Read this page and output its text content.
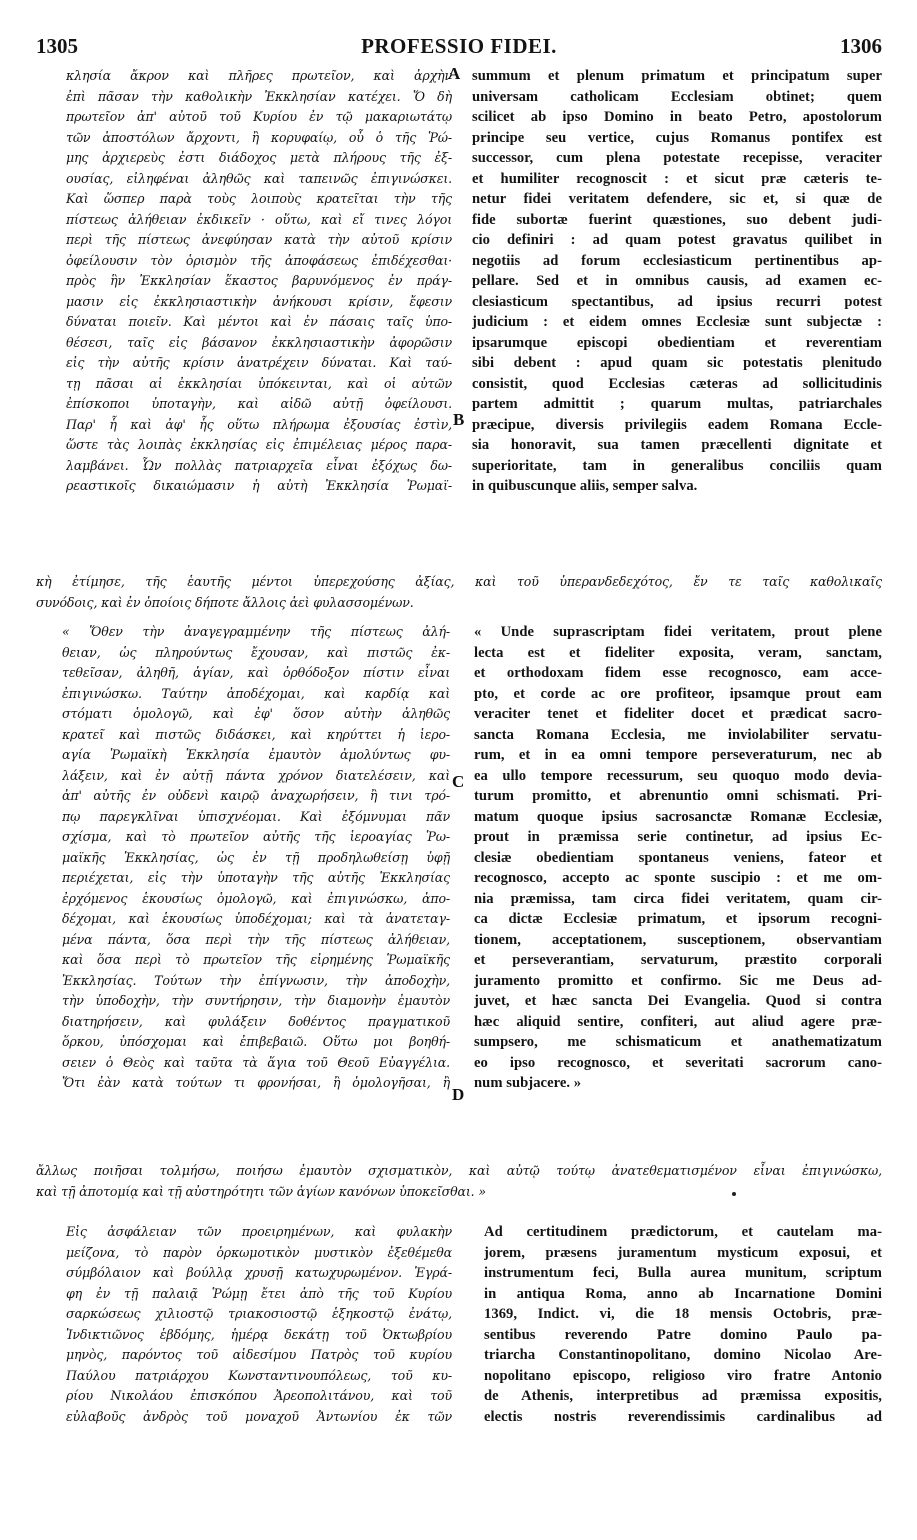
1305	PROFESSIO FIDEI.	1306
κλησία ἄκρον καὶ πλῆρες πρωτεῖον, καὶ ἀρχὴν
ἐπὶ πᾶσαν τὴν καθολικὴν Ἐκκλησίαν κατέχει. Ὅ δὴ
πρωτεῖον ἀπ' αὐτοῦ τοῦ Κυρίου ἐν τῷ μακαριωτάτῳ
τῶν ἀποστόλων ἄρχοντι, ἢ κορυφαίῳ, οὗ ὁ τῆς Ῥώ-
μης ἀρχιερεὺς ἐστι διάδοχος μετὰ πλήρους τῆς ἐξ-
ουσίας, εἰληφέναι ἀληθῶς καὶ ταπεινῶς ἐπιγινώσκει.
Καὶ ὥσπερ παρὰ τοὺς λοιποὺς κρατεῖται τὴν τῆς
πίστεως ἀλήθειαν ἐκδικεῖν · οὕτω, καὶ εἴ τινες λόγοι
περὶ τῆς πίστεως ἀνεφύησαν κατὰ τὴν αὐτοῦ κρίσιν
ὀφείλουσιν τὸν ὁρισμὸν τῆς ἀποφάσεως ἐπιδέχεσθαι·
πρὸς ἣν Ἐκκλησίαν ἕκαστος βαρυνόμενος ἐν πράγ-
μασιν εἰς ἐκκλησιαστικὴν ἀνήκουσι κρίσιν, ἔφεσιν
δύναται ποιεῖν. Καὶ μέντοι καὶ ἐν πάσαις ταῖς ὑπο-
θέσεσι, ταῖς εἰς βάσανον ἐκκλησιαστικὴν ἀφορῶσιν
εἰς τὴν αὐτῆς κρίσιν ἀνατρέχειν δύναται. Καὶ ταύ-
τῃ πᾶσαι αἱ ἐκκλησίαι ὑπόκεινται, καὶ οἱ αὐτῶν
ἐπίσκοποι ὑποταγὴν, καὶ αἰδῶ αὐτῇ ὀφείλουσι.
Παρ' ἧ καὶ ἀφ' ἧς οὕτω πλήρωμα ἐξουσίας ἐστὶν,
ὥστε τὰς λοιπὰς ἐκκλησίας εἰς ἐπιμέλειας μέρος παρα-
λαμβάνει. Ὧν πολλὰς πατριαρχεῖα εἶναι ἐξόχως δω-
ρεαστικοῖς δικαιώμασιν ἡ αὐτὴ Ἐκκλησία Ῥωμαϊ-
summum et plenum primatum et principatum super
universam catholicam Ecclesiam obtinet; quem
scilicet ab ipso Domino in beato Petro, apostolorum
principe seu vertice, cujus Romanus pontifex est
successor, cum plena potestate recepisse, veraciter
et humiliter recognoscit : et sicut præ cæteris te-
netur fidei veritatem defendere, sic et, si quæ de
fide subortæ fuerint quæstiones, suo debent judi-
cio definiri : ad quam potest gravatus quilibet in
negotiis ad forum ecclesiasticum pertinentibus ap-
pellare. Sed et in omnibus causis, ad examen ec-
clesiasticum spectantibus, ad ipsius recurri potest
judicium : et eidem omnes Ecclesiæ sunt subjectæ :
ipsarumque episcopi obedientiam et reverentiam
sibi debent : apud quam sic potestatis plenitudo
consistit, quod Ecclesias cæteras ad sollicitudinis
partem admittit ; quarum multas, patriarchales
præcipue, diversis privilegiis eadem Romana Eccle-
sia honoravit, sua tamen præcellenti dignitate et
superioritate, tam in generalibus conciliis quam
in quibuscunque aliis, semper salva.
κὴ ἐτίμησε, τῆς ἑαυτῆς μέντοι ὑπερεχούσης ἀξίας, καὶ τοῦ ὑπερανδεδεχότος, ἔν τε ταῖς καθολικαῖς
συνόδοις, καὶ ἐν ὁποίοις δήποτε ἄλλοις ἀεὶ φυλασσομένων.
A
B
« Ὅθεν τὴν ἀναγεγραμμένην τῆς πίστεως ἀλή-
θειαν, ὡς πληρούντως ἔχουσαν, καὶ πιστῶς ἐκ-
τεθεῖσαν, ἀληθῆ, ἁγίαν, καὶ ὀρθόδοξον πίστιν εἶναι
ἐπιγινώσκω. Ταύτην ἀποδέχομαι, καὶ καρδίᾳ καὶ
στόματι ὁμολογῶ, καὶ ἐφ' ὅσον αὐτὴν ἀληθῶς
κρατεῖ καὶ πιστῶς διδάσκει, καὶ κηρύττει ἡ ἱερο-
αγία Ῥωμαϊκὴ Ἐκκλησία ἐμαυτὸν ἀμολύντως φυ-
λάξειν, καὶ ἐν αὐτῇ πάντα χρόνον διατελέσειν, καὶ
ἀπ' αὐτῆς ἐν οὐδενὶ καιρῷ ἀναχωρήσειν, ἢ τινι τρό-
πῳ παρεγκλῖναι ὑπισχνέομαι. Καὶ ἐξόμνυμαι πᾶν
σχίσμα, καὶ τὸ πρωτεῖον αὐτῆς τῆς ἱεροαγίας Ῥω-
μαϊκῆς Ἐκκλησίας, ὡς ἐν τῇ προδηλωθείσῃ ὑφῇ
περιέχεται, εἰς τὴν ὑποταγὴν τῆς αὐτῆς Ἐκκλησίας
ἐρχόμενος ἑκουσίως ὁμολογῶ, καὶ ἐπιγινώσκω, ἀπο-
δέχομαι, καὶ ἑκουσίως ὑποδέχομαι; καὶ τὰ ἀνατεταγ-
μένα πάντα, ὅσα περὶ τὴν τῆς πίστεως ἀλήθειαν,
καὶ ὅσα περὶ τὸ πρωτεῖον τῆς εἰρημένης Ῥωμαϊκῆς
Ἐκκλησίας. Τούτων τὴν ἐπίγνωσιν, τὴν ἀποδοχὴν,
τὴν ὑποδοχὴν, τὴν συντήρησιν, τὴν διαμονὴν ἐμαυτὸν
διατηρήσειν, καὶ φυλάξειν δοθέντος πραγματικοῦ
ὅρκου, ὑπόσχομαι καὶ ἐπιβεβαιῶ. Οὕτω μοι βοηθή-
σειεν ὁ Θεὸς καὶ ταῦτα τὰ ἅγια τοῦ Θεοῦ Εὐαγγέλια.
Ὅτι ἐὰν κατὰ τούτων τι φρονήσαι, ἢ ὁμολογῆσαι, ἢ
« Unde suprascriptam fidei veritatem, prout plene
lecta est et fideliter exposita, veram, sanctam,
et orthodoxam fidem esse recognosco, eam acce-
pto, et corde ac ore profiteor, ipsamque prout eam
veraciter tenet et fideliter docet et prædicat sacro-
sancta Romana Ecclesia, me inviolabiliter servatu-
rum, et in ea omni tempore perseveraturum, nec ab
ea ullo tempore recessurum, seu quoquo modo devia-
turum promitto, et abrenuntio omni schismati. Pri-
matum quoque ipsius sacrosanctæ Romanæ Ecclesiæ,
prout in præmissa serie continetur, ad ipsius Ec-
clesiæ obedientiam spontaneus veniens, fateor et
recognosco, accepto ac sponte suscipio : et me om-
nia præmissa, tam circa fidei veritatem, quam cir-
ca dictæ Ecclesiæ primatum, et ipsorum recogni-
tionem, acceptationem, susceptionem, observantiam
et perseverantiam, servaturum, præstito corporali
juramento promitto et confirmo. Sic me Deus ad-
juvet, et hæc sancta Dei Evangelia. Quod si contra
hæc aliquid sentire, confiteri, aut aliud agere præ-
sumpsero, me schismaticum et anathematizatum
eo ipso recognosco, et severitati sacrorum cano-
num subjacere. »
ἄλλως ποιῆσαι τολμήσω, ποιήσω ἐμαυτὸν σχισματικὸν, καὶ αὐτῷ τούτῳ ἀνατεθεματισμένον εἶναι ἐπιγινώσκω,
καὶ τῇ ἀποτομίᾳ καὶ τῇ αὐστηρότητι τῶν ἁγίων κανόνων ὑποκεῖσθαι. »
C
D
Εἰς ἀσφάλειαν τῶν προειρημένων, καὶ φυλακὴν
μείζονα, τὸ παρὸν ὁρκωμοτικὸν μυστικὸν ἐξεθέμεθα
σύμβόλαιον καὶ βούλλᾳ χρυσῇ κατωχυρωμένον. Ἐγρά-
φη ἐν τῇ παλαιᾷ Ῥώμῃ ἔτει ἀπὸ τῆς τοῦ Κυρίου
σαρκώσεως χιλιοστῷ τριακοσιοστῷ ἑξηκοστῷ ἐνάτῳ,
Ἰνδικτιῶνος ἑβδόμης, ἡμέρᾳ δεκάτῃ τοῦ Ὀκτωβρίου
μηνὸς, παρόντος τοῦ αἰδεσίμου Πατρὸς τοῦ κυρίου
Παύλου πατριάρχου Κωνσταντινουπόλεως, τοῦ κυ-
ρίου Νικολάου ἐπισκόπου Ἀρεοπολιτάνου, καὶ τοῦ
εὐλαβοῦς ἀνδρὸς τοῦ μοναχοῦ Ἀντωνίου ἐκ τῶν
Ad certitudinem prædictorum, et cautelam ma-
jorem, præsens juramentum mysticum exposui, et
instrumentum feci, Bulla aurea munitum, scriptum
in antiqua Roma, anno ab Incarnatione Domini
1369, Indict. vi, die 18 mensis Octobris, præ-
sentibus reverendo Patre domino Paulo pa-
triarcha Constantinopolitano, domino Nicolao Are-
nopolitano episcopo, religioso viro fratre Antonio
de Athenis, interpretibus ad præmissa expositis,
electis nostris reverendissimis cardinalibus ad
